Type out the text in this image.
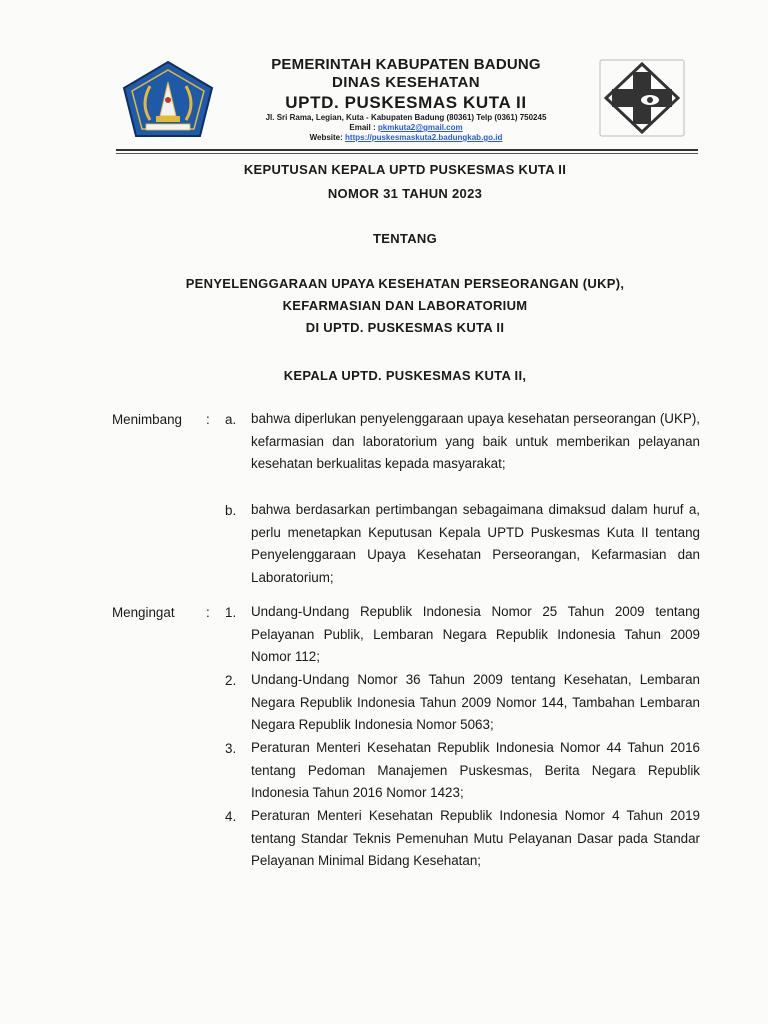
PEMERINTAH KABUPATEN BADUNG
DINAS KESEHATAN
UPTD. PUSKESMAS KUTA II
Jl. Sri Rama, Legian, Kuta - Kabupaten Badung (80361) Telp (0361) 750245
Email : pkmkuta2@gmail.com
Website: https://puskesmaskuta2.badungkab.go.id
KEPUTUSAN KEPALA UPTD PUSKESMAS KUTA II
NOMOR 31 TAHUN 2023
TENTANG
PENYELENGGARAAN UPAYA KESEHATAN PERSEORANGAN (UKP),
KEFARMASIAN DAN LABORATORIUM
DI UPTD. PUSKESMAS KUTA II
KEPALA UPTD. PUSKESMAS KUTA II,
Menimbang : a. bahwa diperlukan penyelenggaraan upaya kesehatan perseorangan (UKP), kefarmasian dan laboratorium yang baik untuk memberikan pelayanan kesehatan berkualitas kepada masyarakat;
b. bahwa berdasarkan pertimbangan sebagaimana dimaksud dalam huruf a, perlu menetapkan Keputusan Kepala UPTD Puskesmas Kuta II tentang Penyelenggaraan Upaya Kesehatan Perseorangan, Kefarmasian dan Laboratorium;
Mengingat : 1. Undang-Undang Republik Indonesia Nomor 25 Tahun 2009 tentang Pelayanan Publik, Lembaran Negara Republik Indonesia Tahun 2009 Nomor 112;
2. Undang-Undang Nomor 36 Tahun 2009 tentang Kesehatan, Lembaran Negara Republik Indonesia Tahun 2009 Nomor 144, Tambahan Lembaran Negara Republik Indonesia Nomor 5063;
3. Peraturan Menteri Kesehatan Republik Indonesia Nomor 44 Tahun 2016 tentang Pedoman Manajemen Puskesmas, Berita Negara Republik Indonesia Tahun 2016 Nomor 1423;
4. Peraturan Menteri Kesehatan Republik Indonesia Nomor 4 Tahun 2019 tentang Standar Teknis Pemenuhan Mutu Pelayanan Dasar pada Standar Pelayanan Minimal Bidang Kesehatan;
